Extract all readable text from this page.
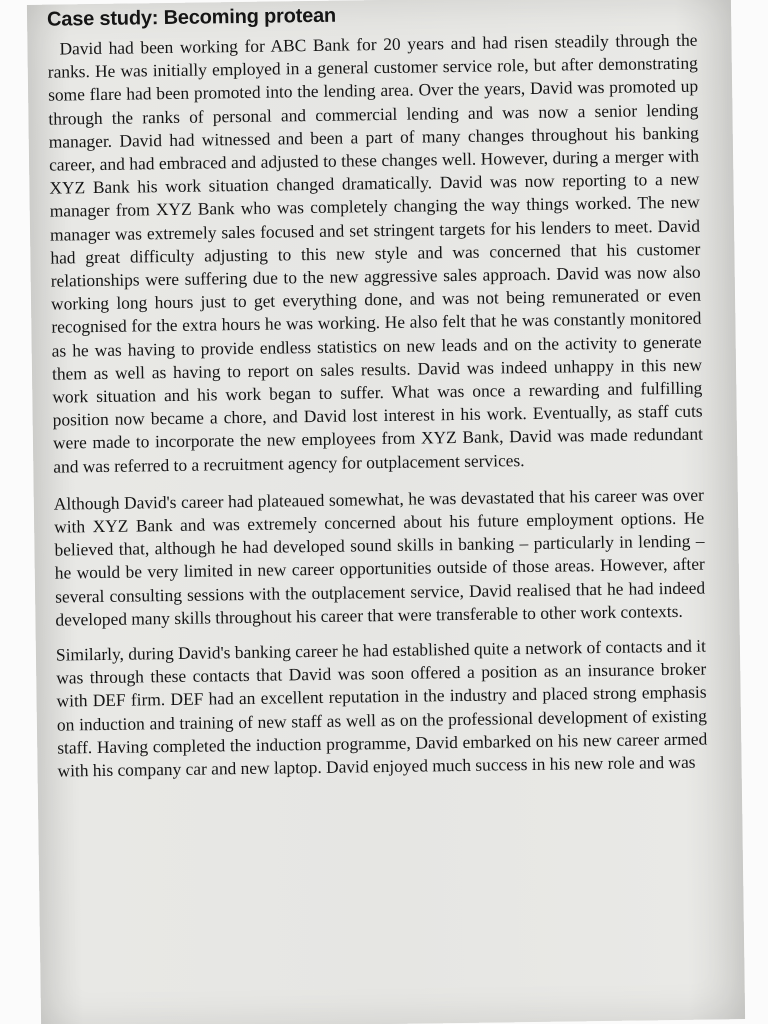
Case study: Becoming protean

David had been working for ABC Bank for 20 years and had risen steadily through the ranks. He was initially employed in a general customer service role, but after demonstrating some flare had been promoted into the lending area. Over the years, David was promoted up through the ranks of personal and commercial lending and was now a senior lending manager. David had witnessed and been a part of many changes throughout his banking career, and had embraced and adjusted to these changes well. However, during a merger with XYZ Bank his work situation changed dramatically. David was now reporting to a new manager from XYZ Bank who was completely changing the way things worked. The new manager was extremely sales focused and set stringent targets for his lenders to meet. David had great difficulty adjusting to this new style and was concerned that his customer relationships were suffering due to the new aggressive sales approach. David was now also working long hours just to get everything done, and was not being remunerated or even recognised for the extra hours he was working. He also felt that he was constantly monitored as he was having to provide endless statistics on new leads and on the activity to generate them as well as having to report on sales results. David was indeed unhappy in this new work situation and his work began to suffer. What was once a rewarding and fulfilling position now became a chore, and David lost interest in his work. Eventually, as staff cuts were made to incorporate the new employees from XYZ Bank, David was made redundant and was referred to a recruitment agency for outplacement services.

Although David's career had plateaued somewhat, he was devastated that his career was over with XYZ Bank and was extremely concerned about his future employment options. He believed that, although he had developed sound skills in banking – particularly in lending – he would be very limited in new career opportunities outside of those areas. However, after several consulting sessions with the outplacement service, David realised that he had indeed developed many skills throughout his career that were transferable to other work contexts.

Similarly, during David's banking career he had established quite a network of contacts and it was through these contacts that David was soon offered a position as an insurance broker with DEF firm. DEF had an excellent reputation in the industry and placed strong emphasis on induction and training of new staff as well as on the professional development of existing staff. Having completed the induction programme, David embarked on his new career armed with his company car and new laptop. David enjoyed much success in his new role and was
